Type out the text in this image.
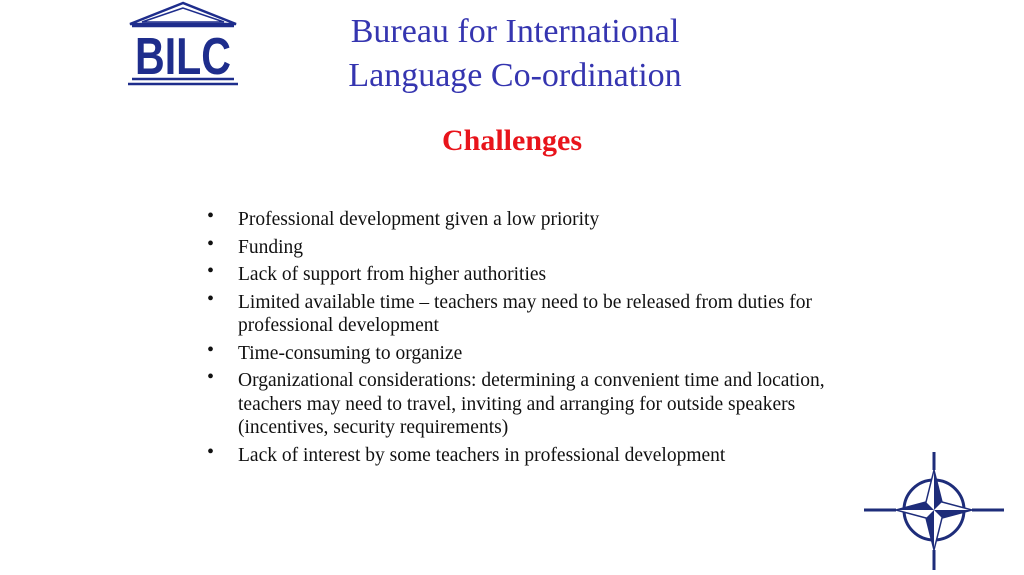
BILC	Bureau for International
Language Co-ordination
Challenges
• Professional development given a low priority
• Funding
• Lack of support from higher authorities
• Limited available time – teachers may need to be released from duties for professional development
• Time-consuming to organize
• Organizational considerations: determining a convenient time and location, teachers may need to travel, inviting and arranging for outside speakers (incentives, security requirements)
• Lack of interest by some teachers in professional development
